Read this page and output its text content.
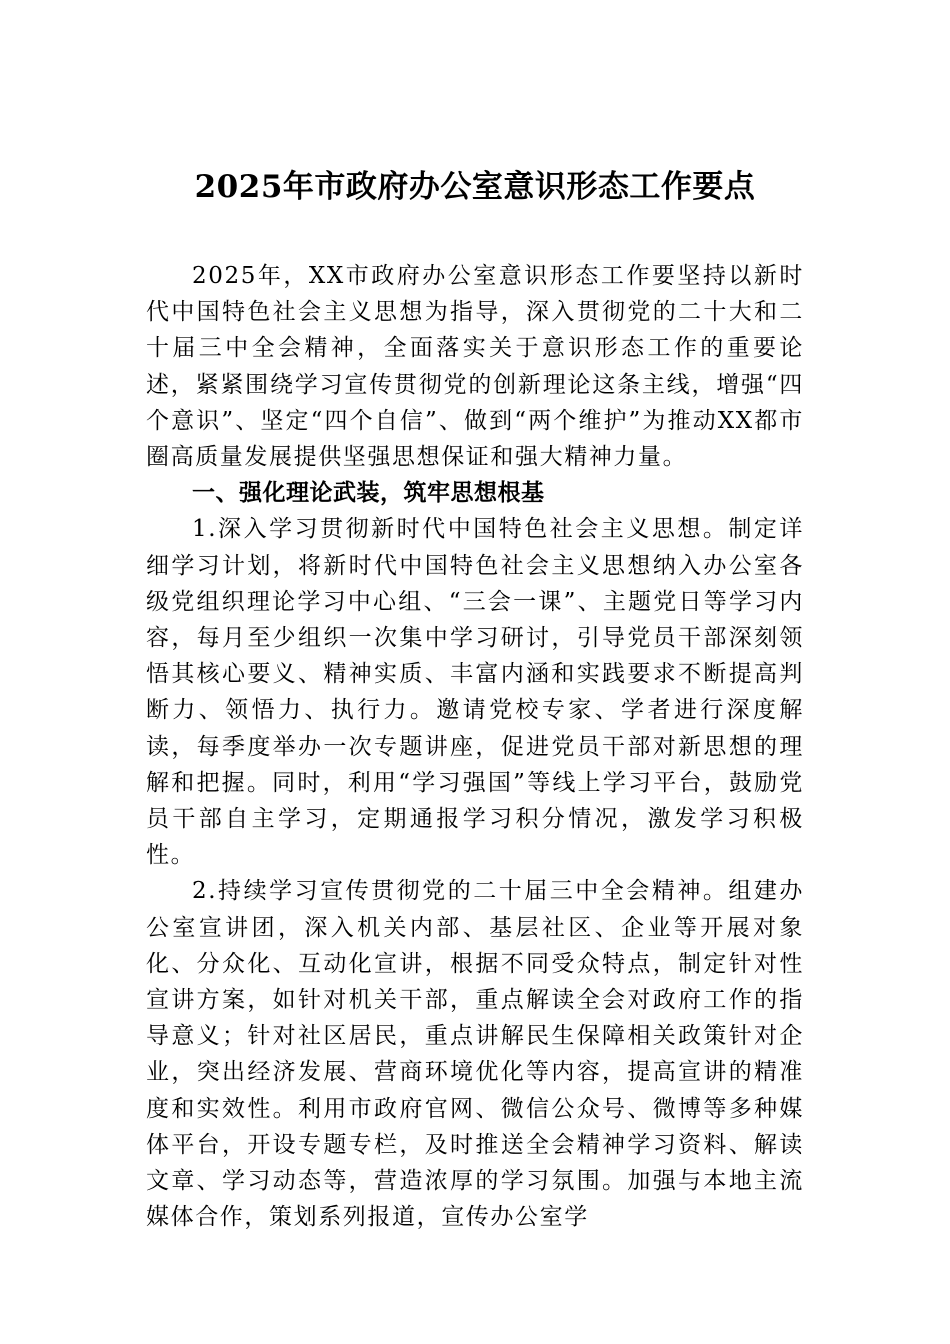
2025年市政府办公室意识形态工作要点

2025年，XX市政府办公室意识形态工作要坚持以新时代中国特色社会主义思想为指导，深入贯彻党的二十大和二十届三中全会精神，全面落实关于意识形态工作的重要论述，紧紧围绕学习宣传贯彻党的创新理论这条主线，增强“四个意识”、坚定“四个自信”、做到“两个维护”为推动XX都市圈高质量发展提供坚强思想保证和强大精神力量。

一、强化理论武装，筑牢思想根基

1.深入学习贯彻新时代中国特色社会主义思想。制定详细学习计划，将新时代中国特色社会主义思想纳入办公室各级党组织理论学习中心组、“三会一课”、主题党日等学习内容，每月至少组织一次集中学习研讨，引导党员干部深刻领悟其核心要义、精神实质、丰富内涵和实践要求不断提高判断力、领悟力、执行力。邀请党校专家、学者进行深度解读，每季度举办一次专题讲座，促进党员干部对新思想的理解和把握。同时，利用“学习强国”等线上学习平台，鼓励党员干部自主学习，定期通报学习积分情况，激发学习积极性。

2.持续学习宣传贯彻党的二十届三中全会精神。组建办公室宣讲团，深入机关内部、基层社区、企业等开展对象化、分众化、互动化宣讲，根据不同受众特点，制定针对性宣讲方案，如针对机关干部，重点解读全会对政府工作的指导意义；针对社区居民，重点讲解民生保障相关政策针对企业，突出经济发展、营商环境优化等内容，提高宣讲的精准度和实效性。利用市政府官网、微信公众号、微博等多种媒体平台，开设专题专栏，及时推送全会精神学习资料、解读文章、学习动态等，营造浓厚的学习氛围。加强与本地主流媒体合作，策划系列报道，宣传办公室学
